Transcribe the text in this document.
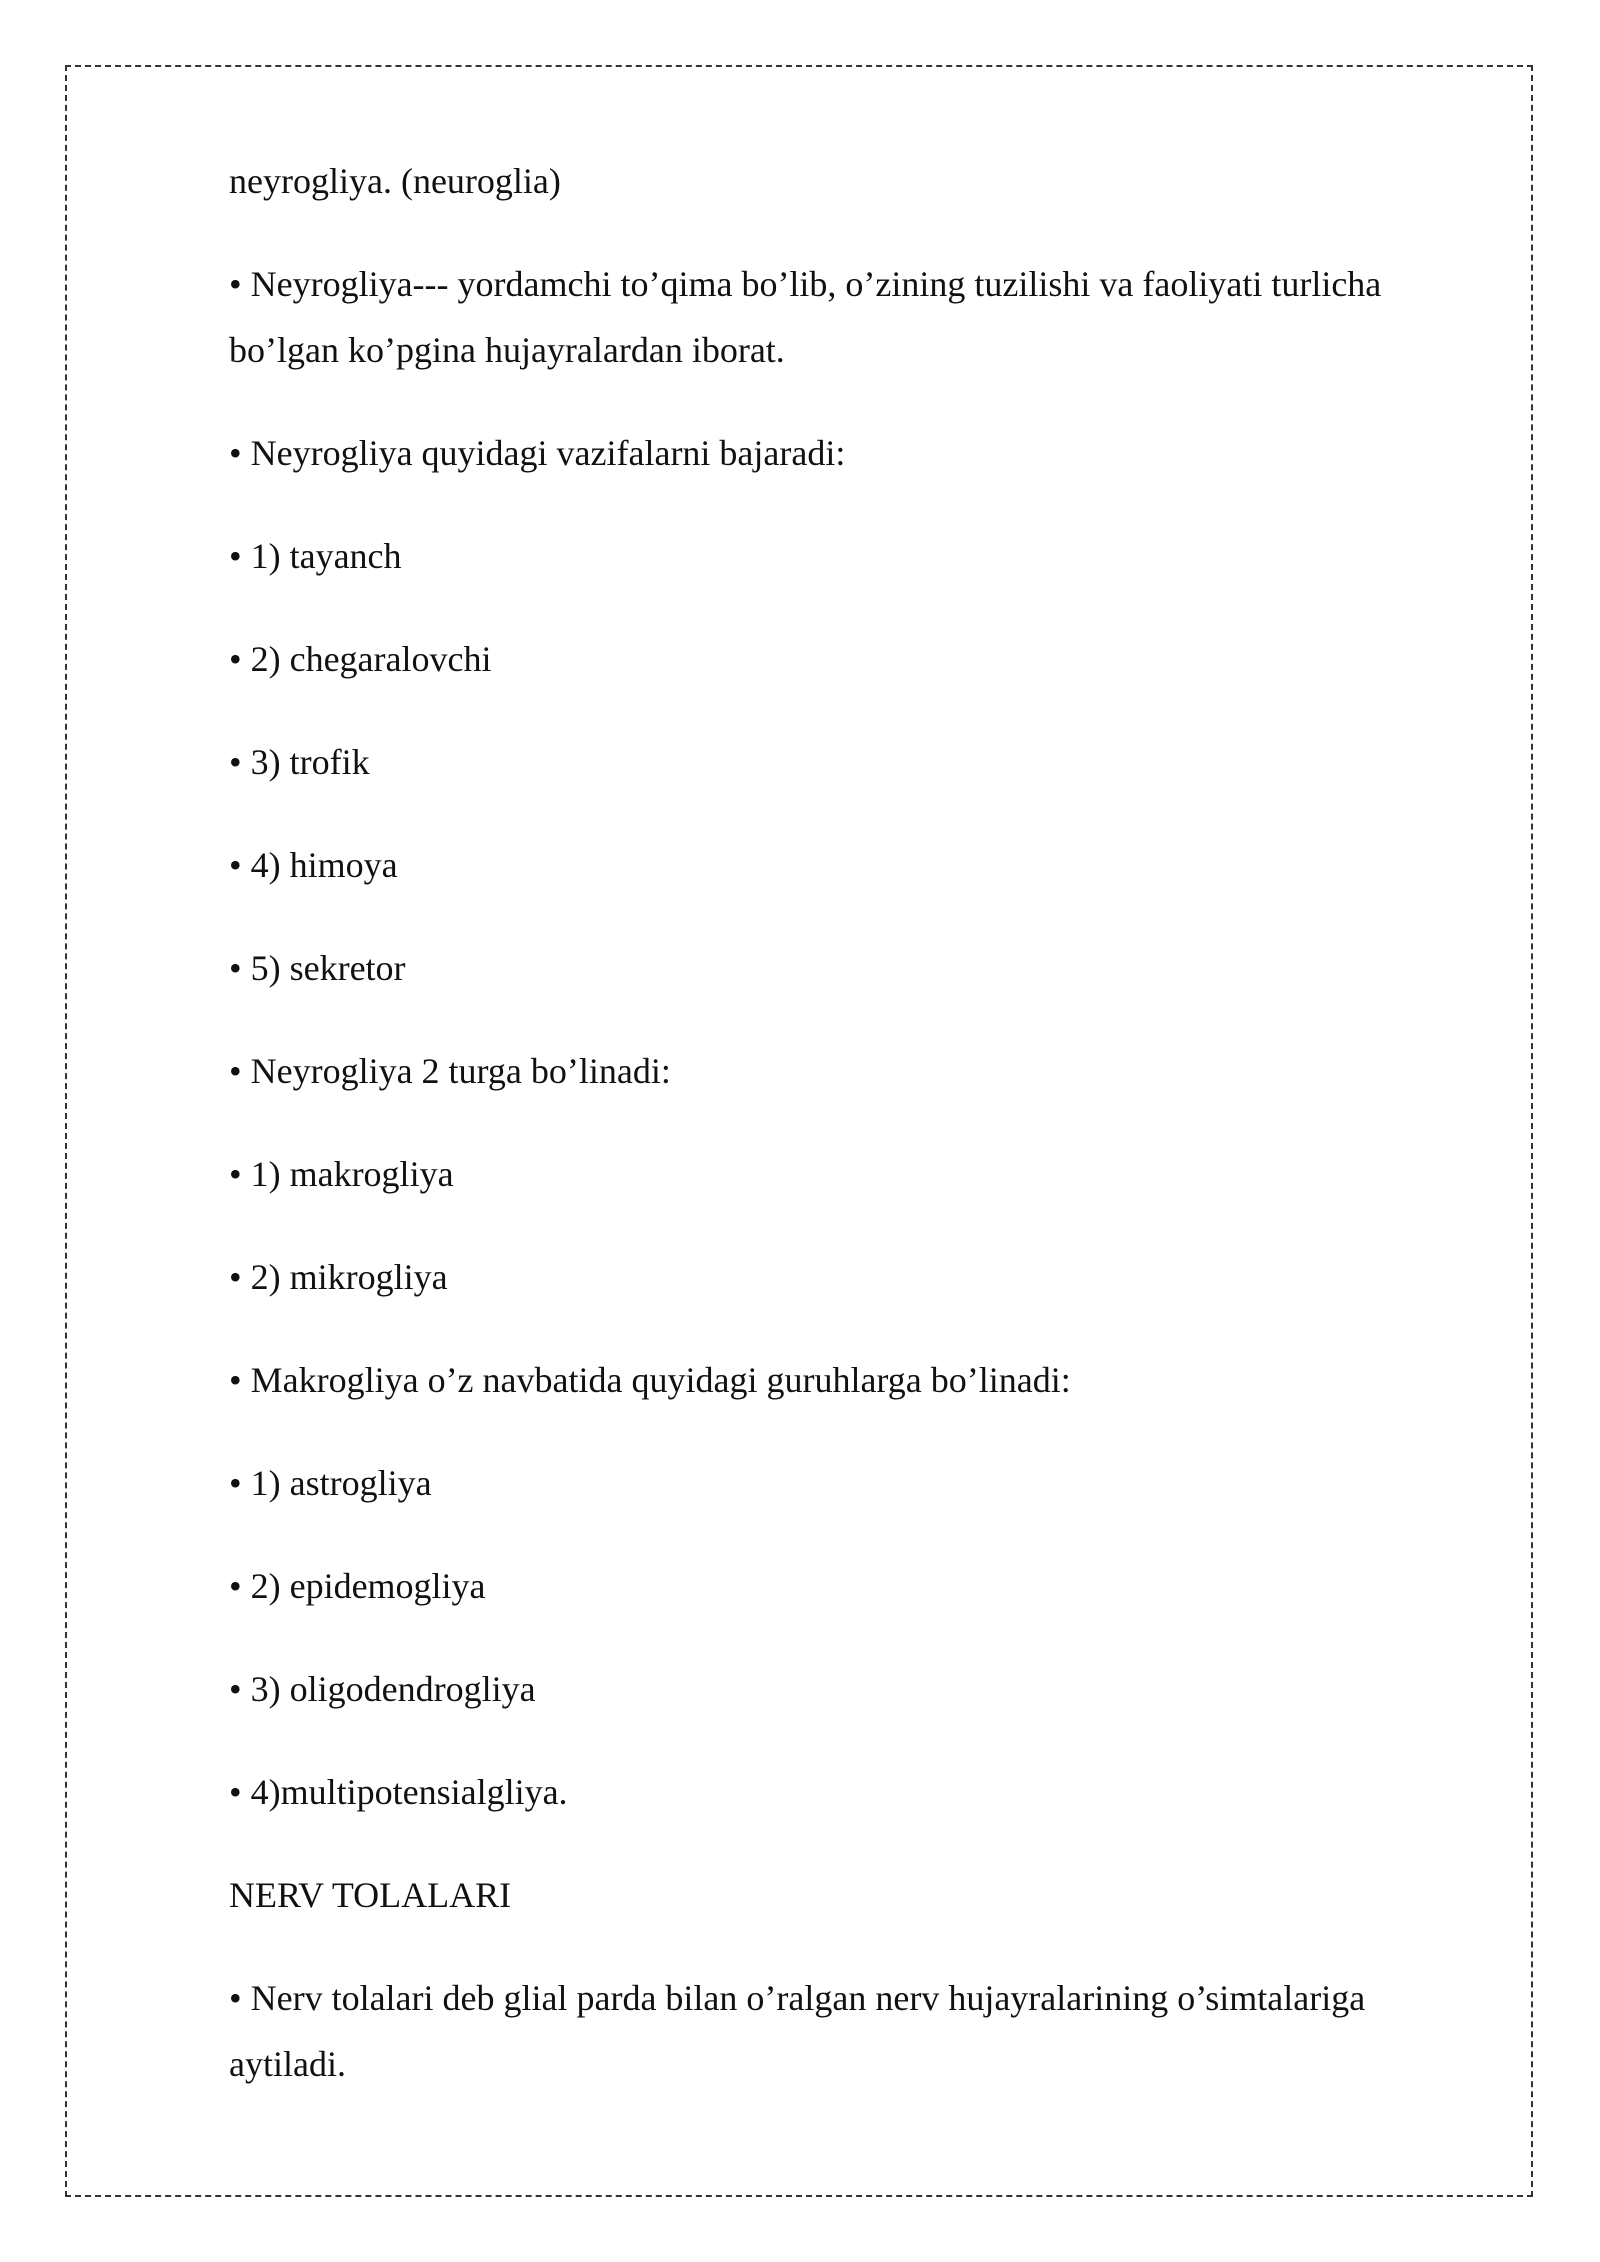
neyrogliya. (neuroglia)

• Neyrogliya--- yordamchi to’qima bo’lib, o’zining tuzilishi va faoliyati turlicha bo’lgan ko’pgina hujayralardan iborat.

• Neyrogliya quyidagi vazifalarni bajaradi:

• 1) tayanch

• 2) chegaralovchi

• 3) trofik

• 4) himoya

• 5) sekretor

• Neyrogliya 2 turga bo’linadi:

• 1) makrogliya

• 2) mikrogliya

• Makrogliya o’z navbatida quyidagi guruhlarga bo’linadi:

• 1) astrogliya

• 2) epidemogliya

• 3) oligodendrogliya

• 4)multipotensialgliya.

NERV TOLALARI

• Nerv tolalari deb glial parda bilan o’ralgan nerv hujayralarining o’simtalariga aytiladi.
